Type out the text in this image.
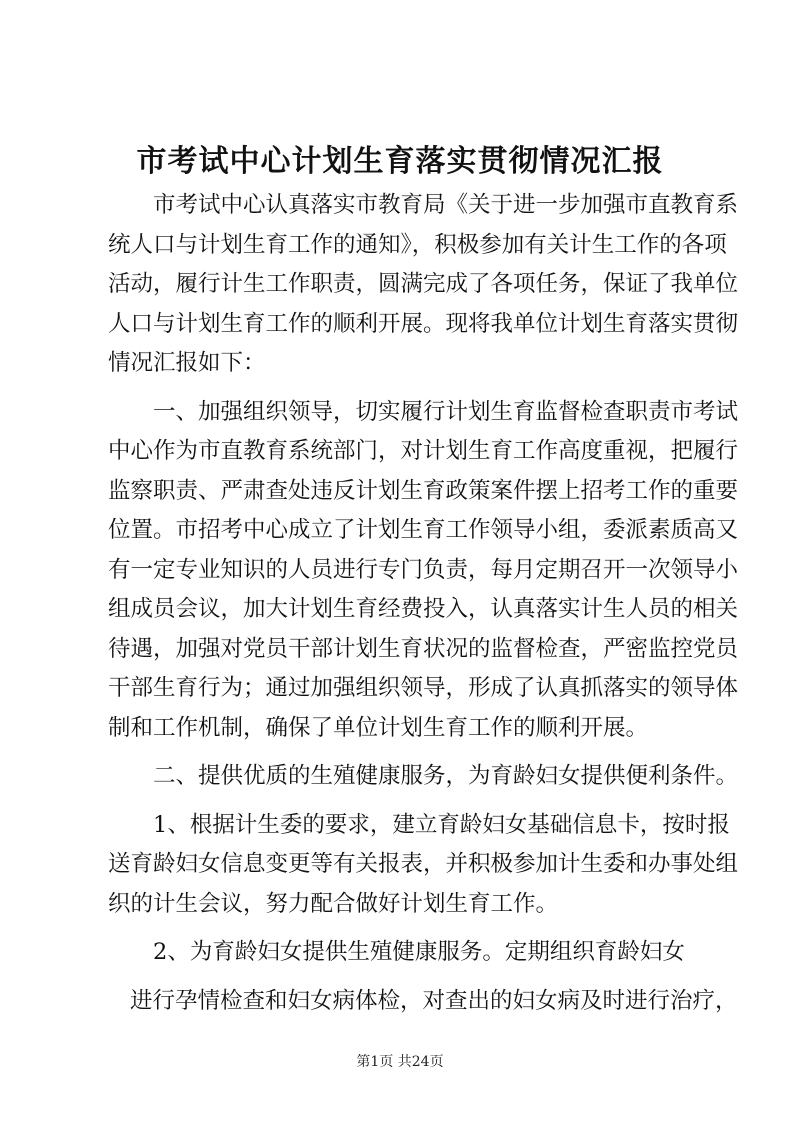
市考试中心计划生育落实贯彻情况汇报
市考试中心认真落实市教育局《关于进一步加强市直教育系
统人口与计划生育工作的通知》，积极参加有关计生工作的各项
活动，履行计生工作职责，圆满完成了各项任务，保证了我单位
人口与计划生育工作的顺利开展。现将我单位计划生育落实贯彻
情况汇报如下：
一、加强组织领导，切实履行计划生育监督检查职责市考试
中心作为市直教育系统部门，对计划生育工作高度重视，把履行
监察职责、严肃查处违反计划生育政策案件摆上招考工作的重要
位置。市招考中心成立了计划生育工作领导小组，委派素质高又
有一定专业知识的人员进行专门负责，每月定期召开一次领导小
组成员会议，加大计划生育经费投入，认真落实计生人员的相关
待遇，加强对党员干部计划生育状况的监督检查，严密监控党员
干部生育行为；通过加强组织领导，形成了认真抓落实的领导体
制和工作机制，确保了单位计划生育工作的顺利开展。
二、提供优质的生殖健康服务，为育龄妇女提供便利条件。
1、根据计生委的要求，建立育龄妇女基础信息卡，按时报
送育龄妇女信息变更等有关报表，并积极参加计生委和办事处组
织的计生会议，努力配合做好计划生育工作。
2、为育龄妇女提供生殖健康服务。定期组织育龄妇女
进行孕情检查和妇女病体检，对查出的妇女病及时进行治疗，
第1页 共24页
